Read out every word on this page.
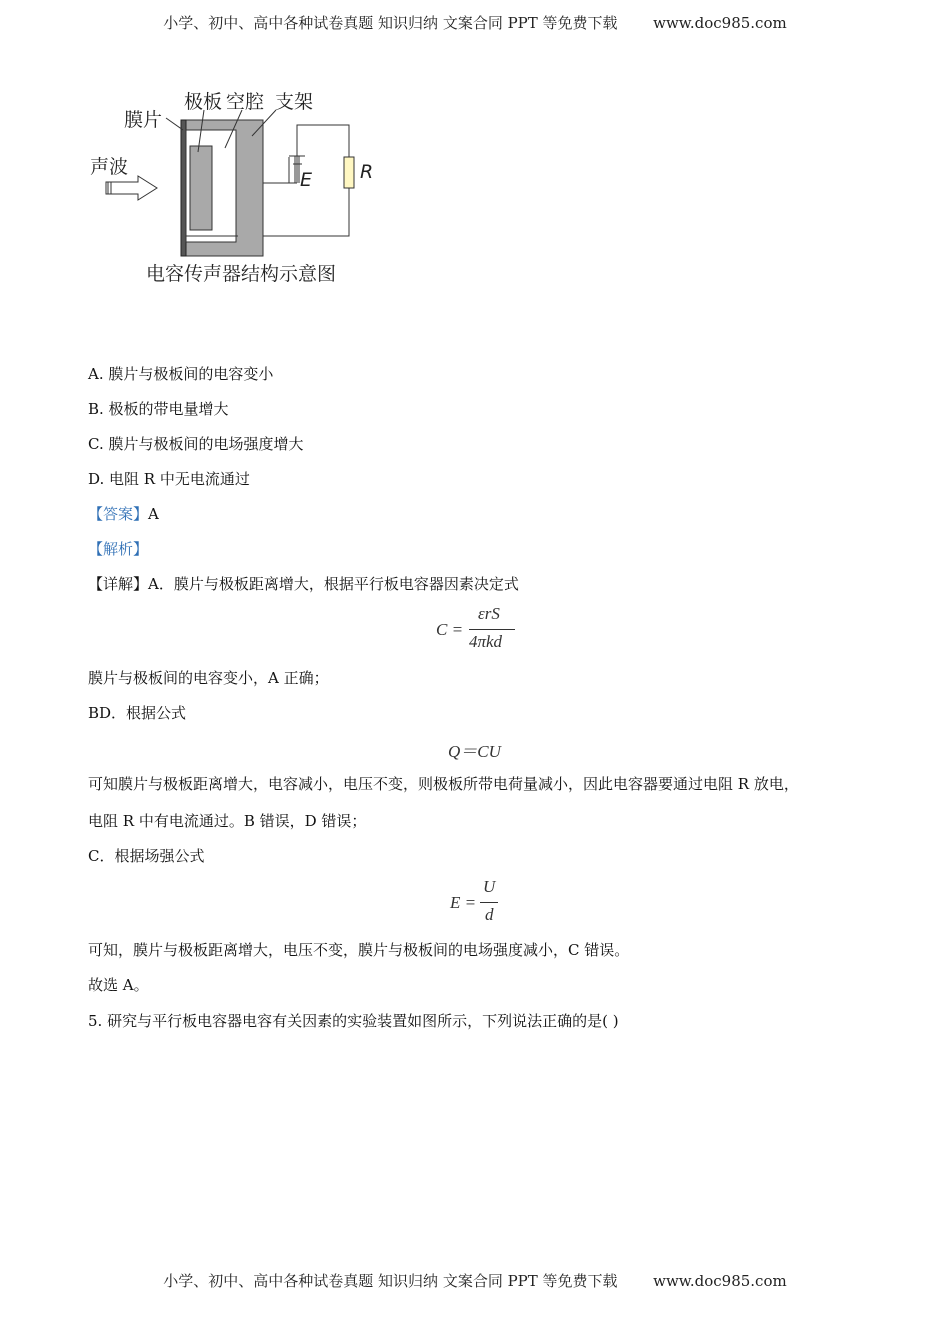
小学、初中、高中各种试卷真题 知识归纳 文案合同 PPT 等免费下载 www.doc985.com
膜片
极板 空腔 支架
声波
E	R
电容传声器结构示意图
A. 膜片与极板间的电容变小
B. 极板的带电量增大
C. 膜片与极板间的电场强度增大
D. 电阻 R 中无电流通过
【答案】A
【解析】
【详解】A．膜片与极板距离增大，根据平行板电容器因素决定式
C =
εrS
4πkd
膜片与极板间的电容变小，A 正确；
BD．根据公式
Q＝CU
可知膜片与极板距离增大，电容减小，电压不变，则极板所带电荷量减小，因此电容器要通过电阻 R 放电，
电阻 R 中有电流通过。B 错误，D 错误；
C．根据场强公式
E =
U
d
可知，膜片与极板距离增大，电压不变，膜片与极板间的电场强度减小，C 错误。
故选 A。
5. 研究与平行板电容器电容有关因素的实验装置如图所示，下列说法正确的是( )
小学、初中、高中各种试卷真题 知识归纳 文案合同 PPT 等免费下载 www.doc985.com
